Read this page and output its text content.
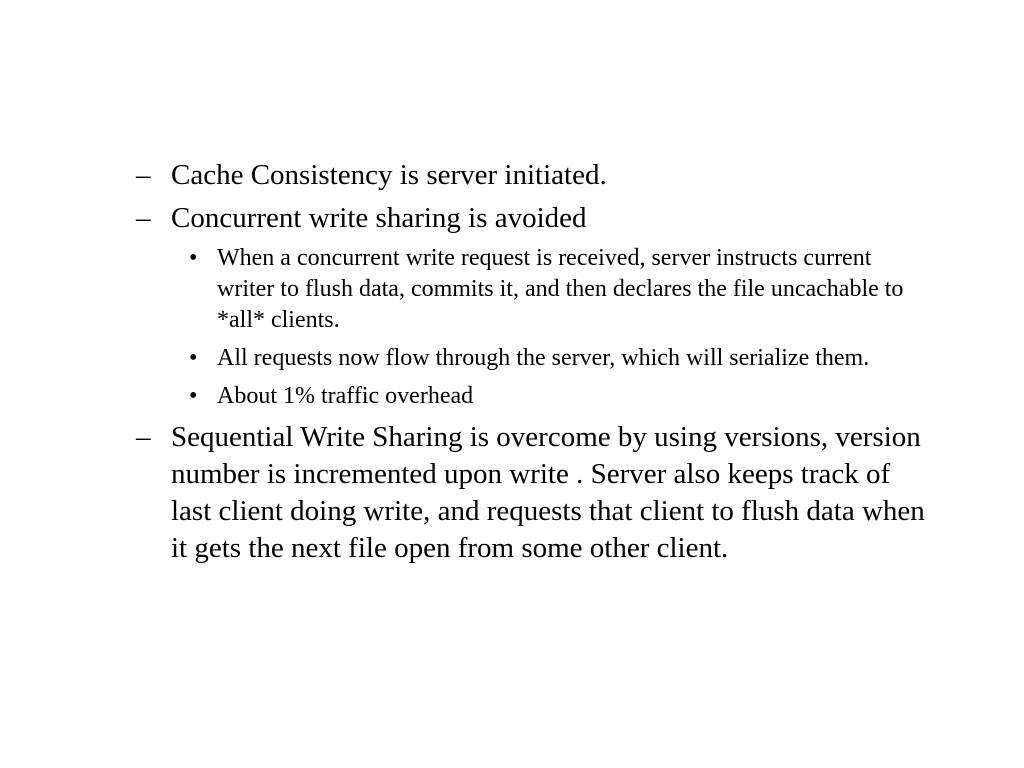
– Cache Consistency is server initiated.
– Concurrent write sharing is avoided
• When a concurrent write request is received, server instructs current writer to flush data, commits it, and then declares the file uncachable to *all* clients.
• All requests now flow through the server, which will serialize them.
• About 1% traffic overhead
– Sequential Write Sharing is overcome by using versions, version number is incremented upon write . Server also keeps track of last client doing write, and requests that client to flush data when it gets the next file open from some other client.
